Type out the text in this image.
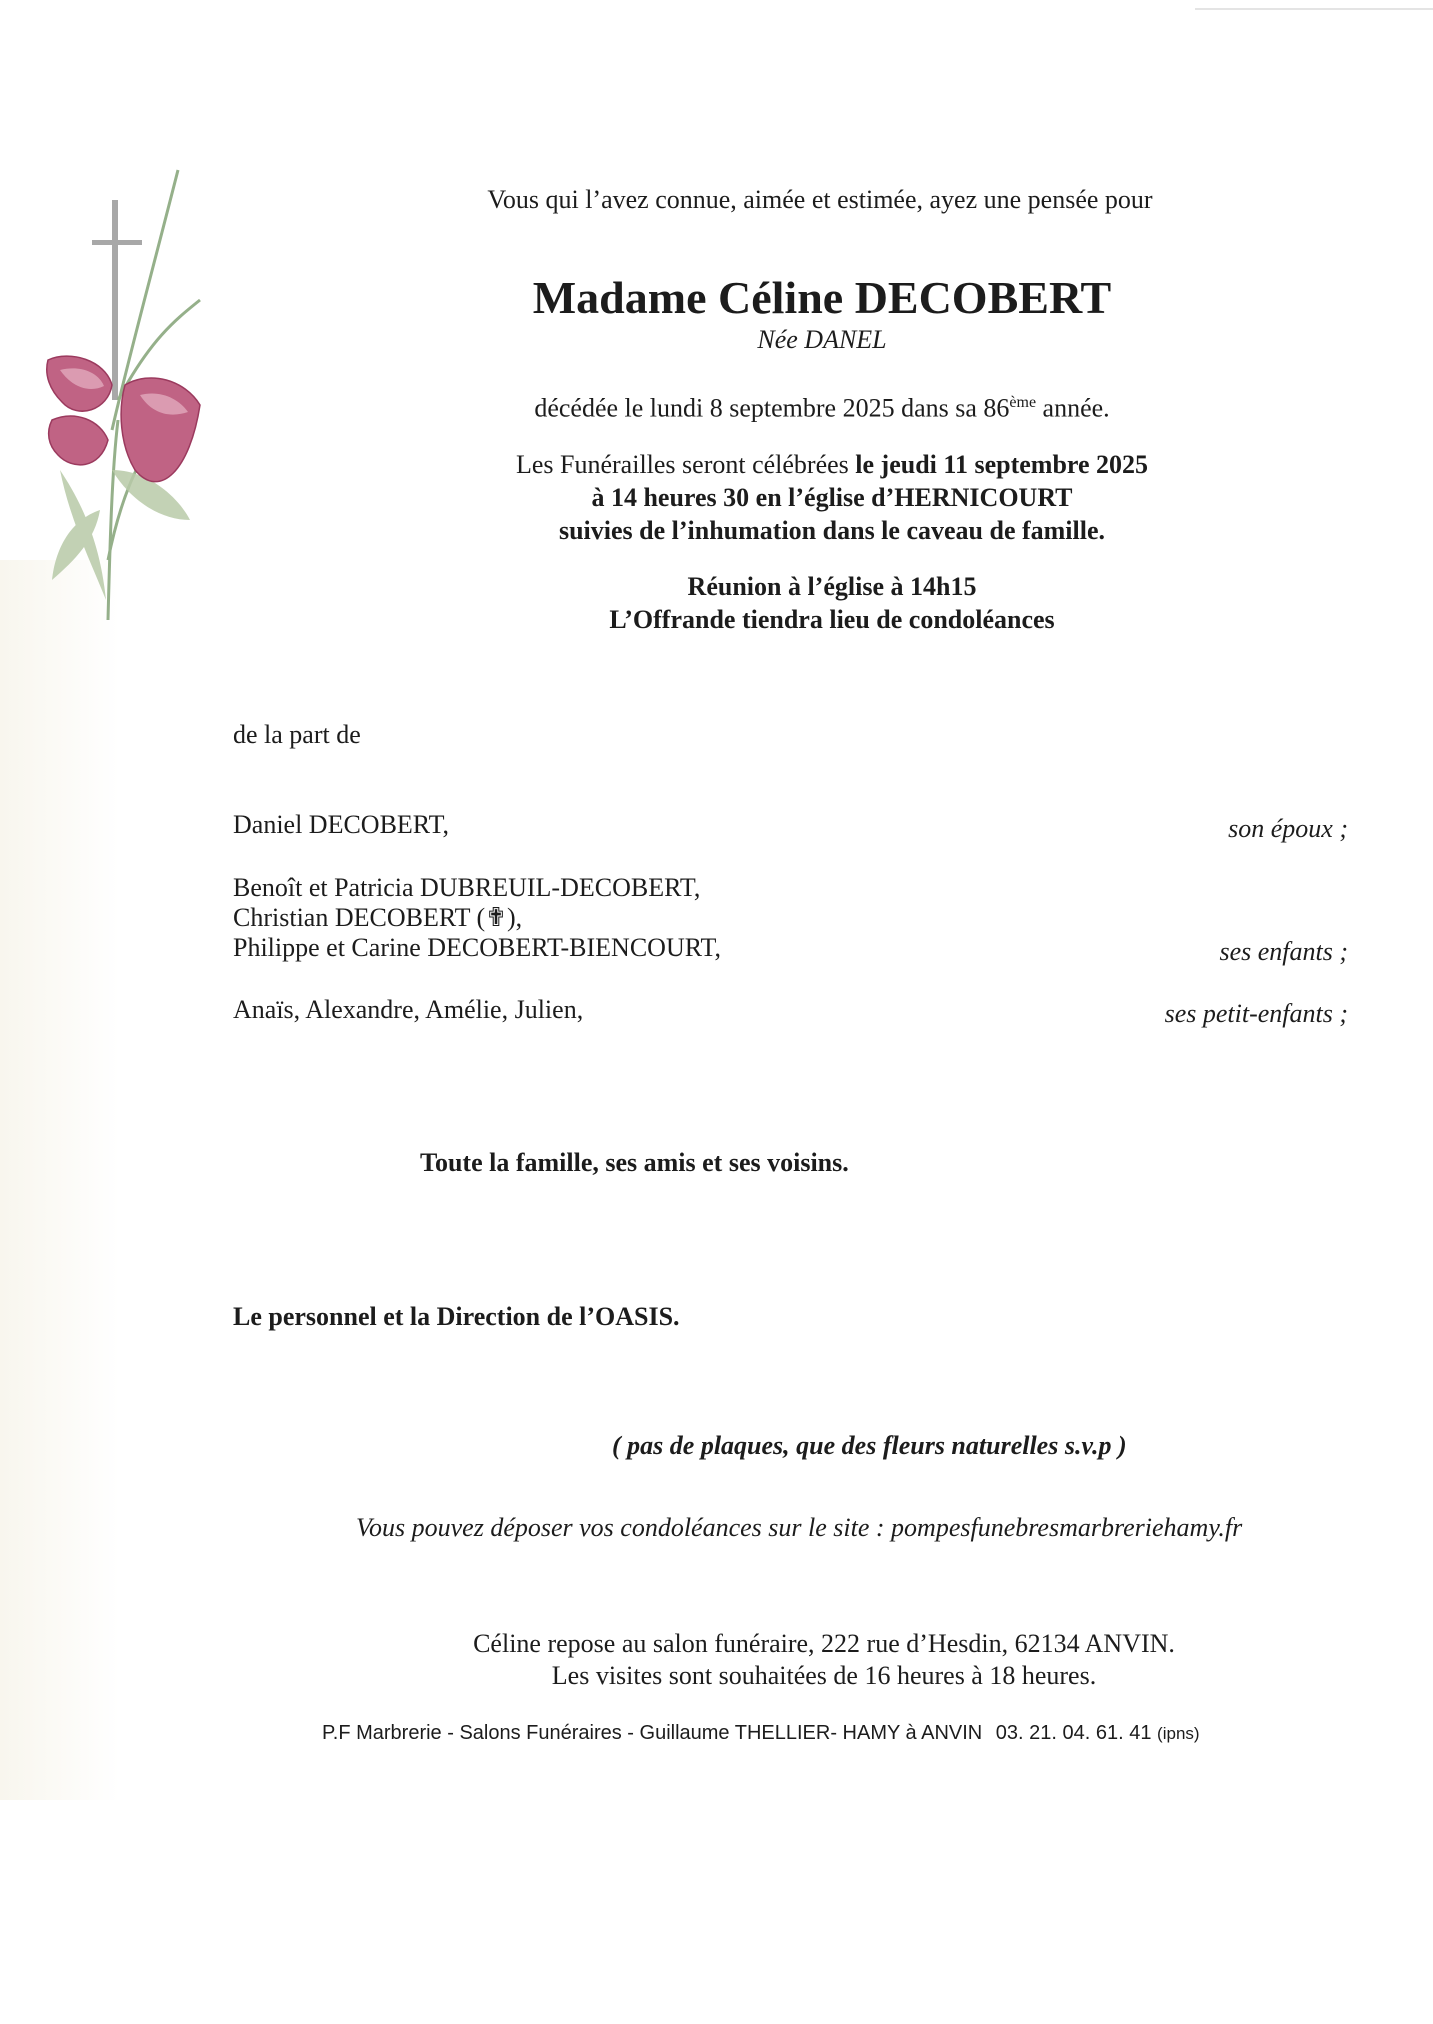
Vous qui l’avez connue, aimée et estimée, ayez une pensée pour
Madame Céline DECOBERT
Née DANEL
décédée le lundi 8 septembre 2025 dans sa 86ème année.
Les Funérailles seront célébrées le jeudi 11 septembre 2025
à 14 heures 30 en l’église d’HERNICOURT
suivies de l’inhumation dans le caveau de famille.
Réunion à l’église à 14h15
L’Offrande tiendra lieu de condoléances
de la part de
Daniel DECOBERT,	son époux ;
Benoît et Patricia DUBREUIL-DECOBERT,
Christian DECOBERT (✟),
Philippe et Carine DECOBERT-BIENCOURT,	ses enfants ;
Anaïs, Alexandre, Amélie, Julien,	ses petit-enfants ;
Toute la famille, ses amis et ses voisins.
Le personnel et la Direction de l’OASIS.
( pas de plaques, que des fleurs naturelles s.v.p )
Vous pouvez déposer vos condoléances sur le site : pompesfunebresmarbreriehamy.fr
Céline repose au salon funéraire, 222 rue d’Hesdin, 62134 ANVIN.
Les visites sont souhaitées de 16 heures à 18 heures.
P.F Marbrerie - Salons Funéraires - Guillaume THELLIER- HAMY à ANVIN 03. 21. 04. 61. 41 (ipns)
